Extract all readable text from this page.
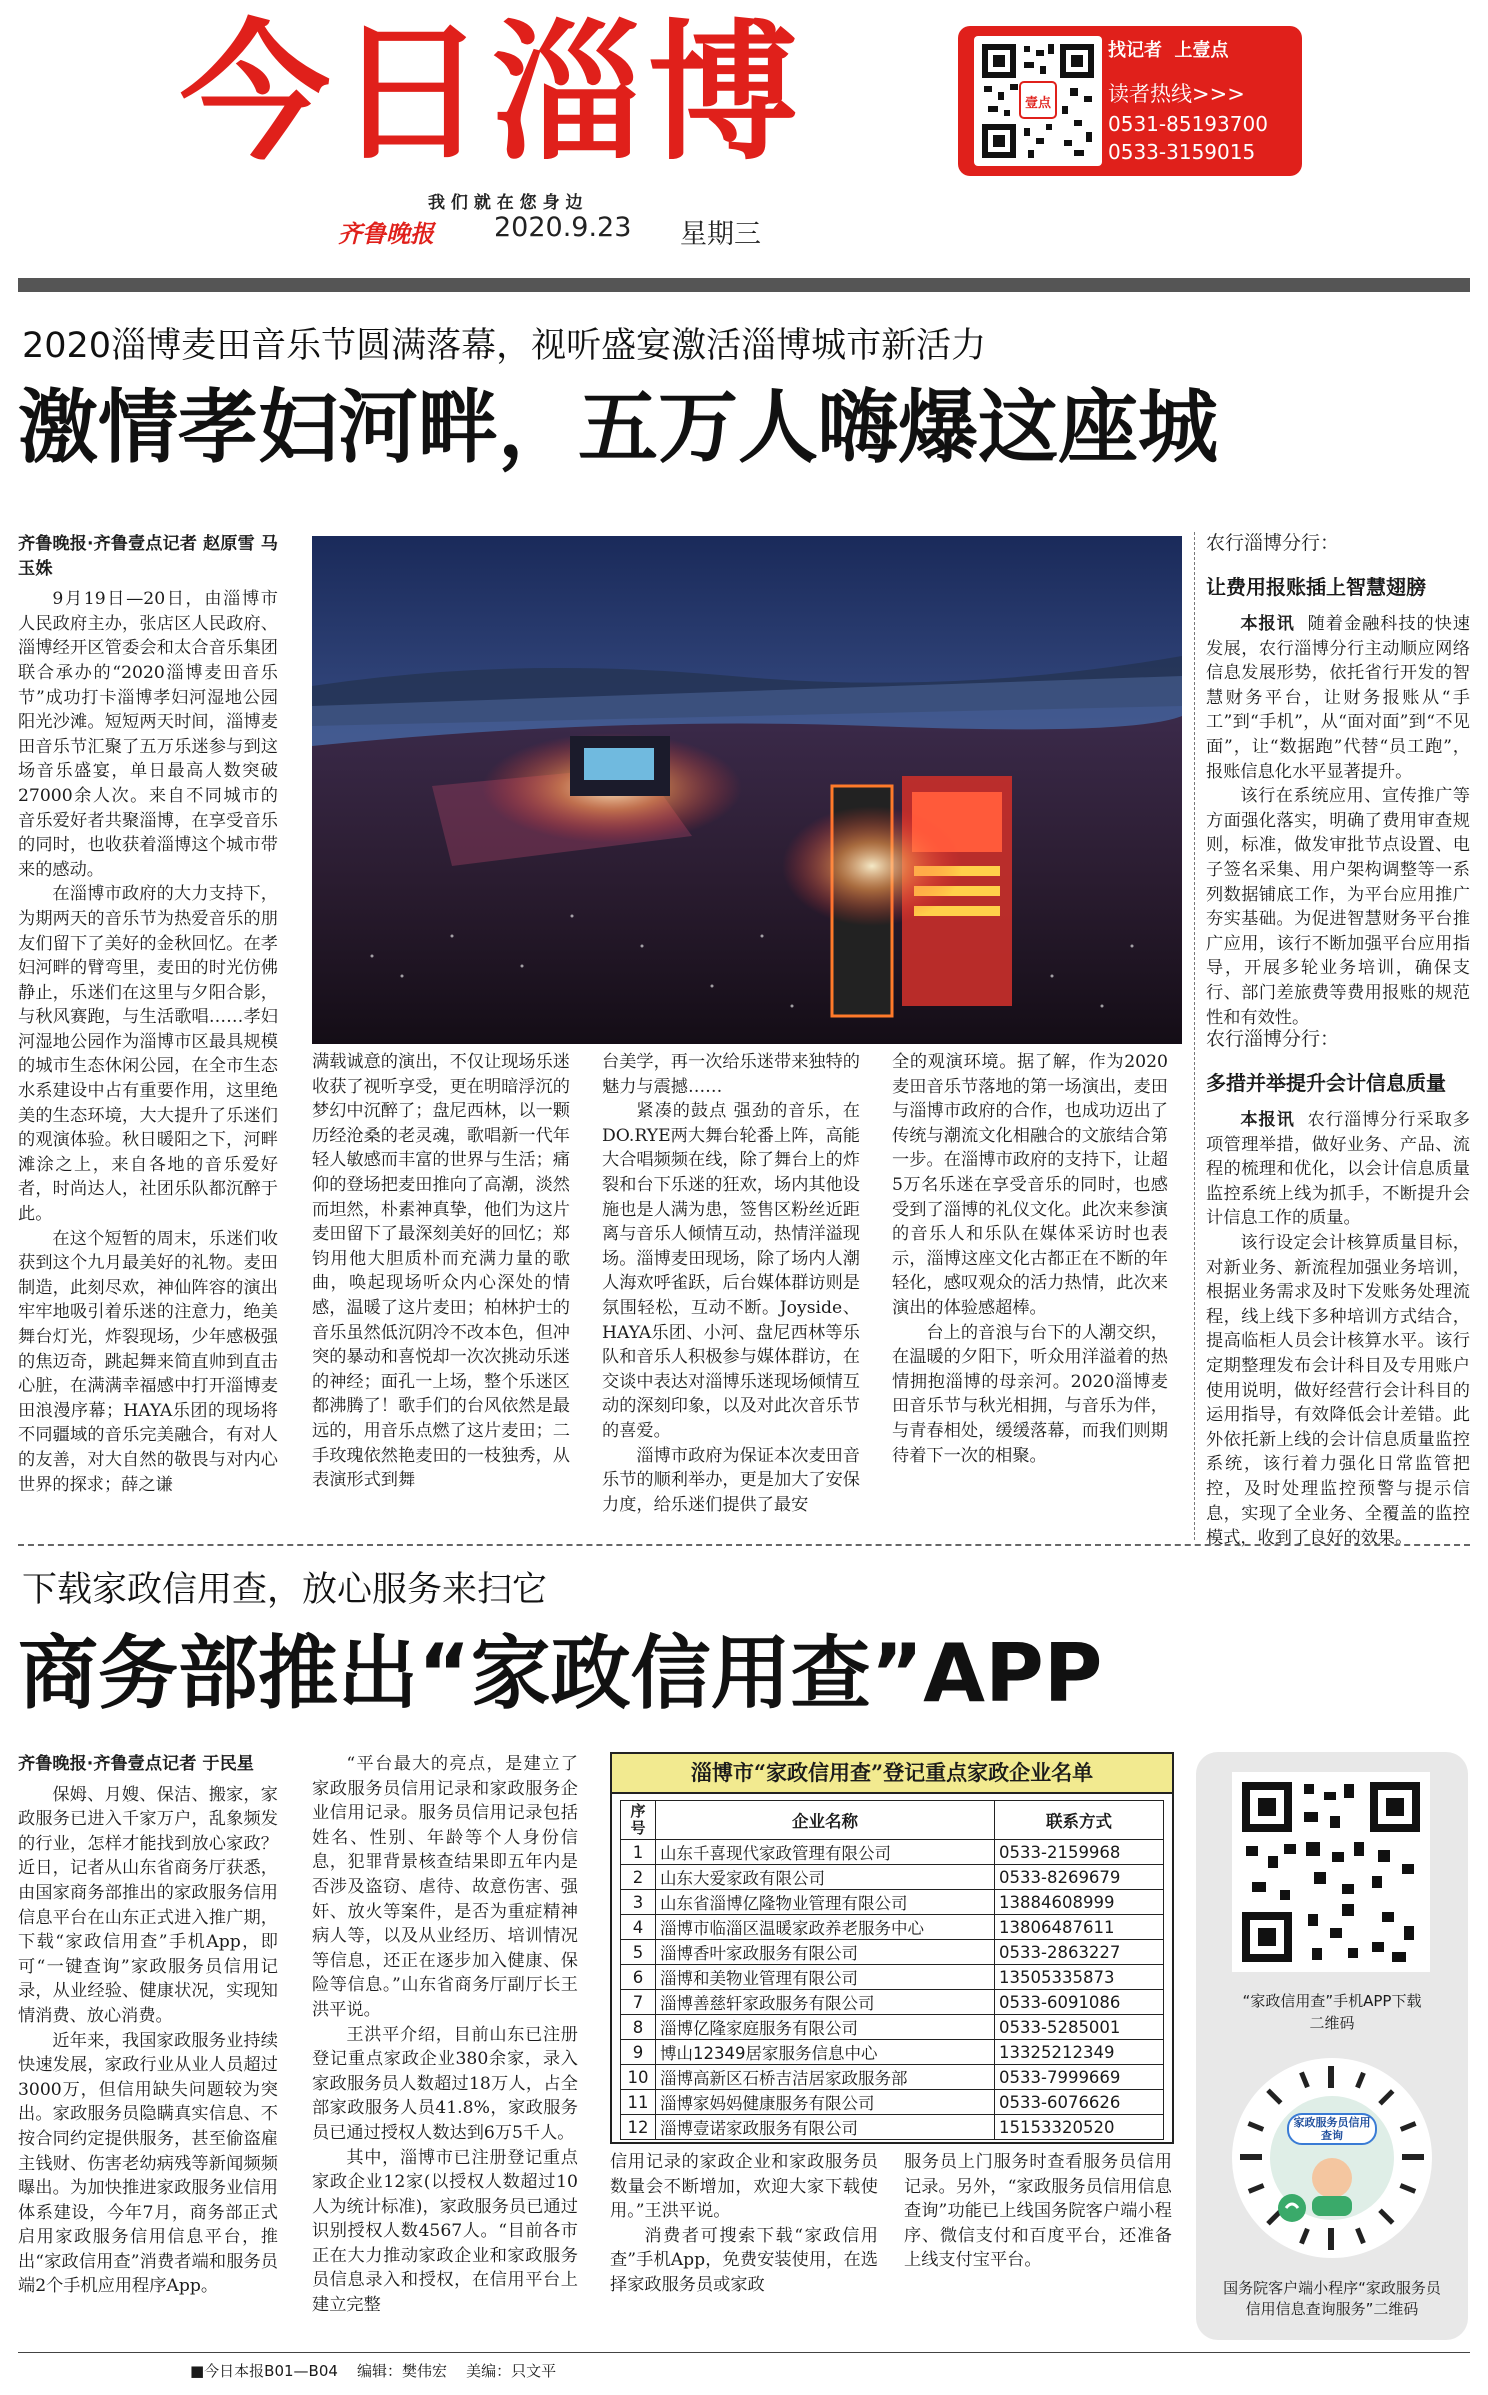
今日淄博
我 们 就 在 您 身 边
齐鲁晚报 2020.9.23 星期三
壹点
找记者  上壹点
读者热线>>>
0531-85193700
0533-3159015
2020淄博麦田音乐节圆满落幕，视听盛宴激活淄博城市新活力
激情孝妇河畔，五万人嗨爆这座城

齐鲁晚报·齐鲁壹点记者 赵原雪 马玉姝

9月19日—20日，由淄博市人民政府主办，张店区人民政府、淄博经开区管委会和太合音乐集团联合承办的“2020淄博麦田音乐节”成功打卡淄博孝妇河湿地公园阳光沙滩。短短两天时间，淄博麦田音乐节汇聚了五万乐迷参与到这场音乐盛宴，单日最高人数突破27000余人次。来自不同城市的音乐爱好者共聚淄博，在享受音乐的同时，也收获着淄博这个城市带来的感动。

在淄博市政府的大力支持下，为期两天的音乐节为热爱音乐的朋友们留下了美好的金秋回忆。在孝妇河畔的臂弯里，麦田的时光仿佛静止，乐迷们在这里与夕阳合影，与秋风赛跑，与生活歌唱……孝妇河湿地公园作为淄博市区最具规模的城市生态休闲公园，在全市生态水系建设中占有重要作用，这里绝美的生态环境，大大提升了乐迷们的观演体验。秋日暖阳之下，河畔滩涂之上，来自各地的音乐爱好者，时尚达人，社团乐队都沉醉于此。

在这个短暂的周末，乐迷们收获到这个九月最美好的礼物。麦田制造，此刻尽欢，神仙阵容的演出牢牢地吸引着乐迷的注意力，绝美舞台灯光，炸裂现场，少年感极强的焦迈奇，跳起舞来简直帅到直击心脏，在满满幸福感中打开淄博麦田浪漫序幕；HAYA乐团的现场将不同疆域的音乐完美融合，有对人的友善，对大自然的敬畏与对内心世界的探求；薛之谦

满载诚意的演出，不仅让现场乐迷收获了视听享受，更在明暗浮沉的梦幻中沉醉了；盘尼西林，以一颗历经沧桑的老灵魂，歌唱新一代年轻人敏感而丰富的世界与生活；痛仰的登场把麦田推向了高潮，淡然而坦然，朴素神真挚，他们为这片麦田留下了最深刻美好的回忆；郑钧用他大胆质朴而充满力量的歌曲，唤起现场听众内心深处的情感，温暖了这片麦田；柏林护士的音乐虽然低沉阴冷不改本色，但冲突的暴动和喜悦却一次次挑动乐迷的神经；面孔一上场，整个乐迷区都沸腾了！歌手们的台风依然是最远的，用音乐点燃了这片麦田；二手玫瑰依然艳麦田的一枝独秀，从表演形式到舞

台美学，再一次给乐迷带来独特的魅力与震撼……

紧凑的鼓点 强劲的音乐，在DO.RYE两大舞台轮番上阵，高能大合唱频频在线，除了舞台上的炸裂和台下乐迷的狂欢，场内其他设施也是人满为患，签售区粉丝近距离与音乐人倾情互动，热情洋溢现场。淄博麦田现场，除了场内人潮人海欢呼雀跃，后台媒体群访则是氛围轻松，互动不断。Joyside、HAYA乐团、小河、盘尼西林等乐队和音乐人积极参与媒体群访，在交谈中表达对淄博乐迷现场倾情互动的深刻印象，以及对此次音乐节的喜爱。

淄博市政府为保证本次麦田音乐节的顺利举办，更是加大了安保力度，给乐迷们提供了最安

全的观演环境。据了解，作为2020麦田音乐节落地的第一场演出，麦田与淄博市政府的合作，也成功迈出了传统与潮流文化相融合的文旅结合第一步。在淄博市政府的支持下，让超5万名乐迷在享受音乐的同时，也感受到了淄博的礼仪文化。此次来参演的音乐人和乐队在媒体采访时也表示，淄博这座文化古都正在不断的年轻化，感叹观众的活力热情，此次来演出的体验感超棒。

台上的音浪与台下的人潮交织，在温暖的夕阳下，听众用洋溢着的热情拥抱淄博的母亲河。2020淄博麦田音乐节与秋光相拥，与音乐为伴，与青春相处，缓缓落幕，而我们则期待着下一次的相聚。

农行淄博分行：
让费用报账插上智慧翅膀

本报讯 随着金融科技的快速发展，农行淄博分行主动顺应网络信息发展形势，依托省行开发的智慧财务平台，让财务报账从“手工”到“手机”，从“面对面”到“不见面”，让“数据跑”代替“员工跑”，报账信息化水平显著提升。

该行在系统应用、宣传推广等方面强化落实，明确了费用审查规则，标准，做发审批节点设置、电子签名采集、用户架构调整等一系列数据铺底工作，为平台应用推广夯实基础。为促进智慧财务平台推广应用，该行不断加强平台应用指导，开展多轮业务培训，确保支行、部门差旅费等费用报账的规范性和有效性。

农行淄博分行：
多措并举提升会计信息质量

本报讯 农行淄博分行采取多项管理举措，做好业务、产品、流程的梳理和优化，以会计信息质量监控系统上线为抓手，不断提升会计信息工作的质量。

该行设定会计核算质量目标，对新业务、新流程加强业务培训，根据业务需求及时下发账务处理流程，线上线下多种培训方式结合，提高临柜人员会计核算水平。该行定期整理发布会计科目及专用账户使用说明，做好经营行会计科目的运用指导，有效降低会计差错。此外依托新上线的会计信息质量监控系统，该行着力强化日常监管把控，及时处理监控预警与提示信息，实现了全业务、全覆盖的监控模式，收到了良好的效果。

下载家政信用查，放心服务来扫它
商务部推出“家政信用查”APP

齐鲁晚报·齐鲁壹点记者 于民星

保姆、月嫂、保洁、搬家，家政服务已进入千家万户，乱象频发的行业，怎样才能找到放心家政？近日，记者从山东省商务厅获悉，由国家商务部推出的家政服务信用信息平台在山东正式进入推广期，下载“家政信用查”手机App，即可“一键查询”家政服务员信用记录，从业经验、健康状况，实现知情消费、放心消费。

近年来，我国家政服务业持续快速发展，家政行业从业人员超过3000万，但信用缺失问题较为突出。家政服务员隐瞒真实信息、不按合同约定提供服务，甚至偷盗雇主钱财、伤害老幼病残等新闻频频曝出。为加快推进家政服务业信用体系建设，今年7月，商务部正式启用家政服务信用信息平台，推出“家政信用查”消费者端和服务员端2个手机应用程序App。

“平台最大的亮点，是建立了家政服务员信用记录和家政服务企业信用记录。服务员信用记录包括姓名、性别、年龄等个人身份信息，犯罪背景核查结果即五年内是否涉及盗窃、虐待、故意伤害、强奸、放火等案件，是否为重症精神病人等，以及从业经历、培训情况等信息，还正在逐步加入健康、保险等信息。”山东省商务厅副厅长王洪平说。

王洪平介绍，目前山东已注册登记重点家政企业380余家，录入家政服务员人数超过18万人，占全部家政服务人员41.8%，家政服务员已通过授权人数达到6万5千人。

其中，淄博市已注册登记重点家政企业12家(以授权人数超过10人为统计标准)，家政服务员已通过识别授权人数4567人。“目前各市正在大力推动家政企业和家政服务员信息录入和授权，在信用平台上建立完整

淄博市“家政信用查”登记重点家政企业名单
序号	企业名称	联系方式
1	山东千喜现代家政管理有限公司	0533-2159968
2	山东大爱家政有限公司	0533-8269679
3	山东省淄博亿隆物业管理有限公司	13884608999
4	淄博市临淄区温暖家政养老服务中心	13806487611
5	淄博香叶家政服务有限公司	0533-2863227
6	淄博和美物业管理有限公司	13505335873
7	淄博善慈轩家政服务有限公司	0533-6091086
8	淄博亿隆家庭服务有限公司	0533-5285001
9	博山12349居家服务信息中心	13325212349
10	淄博高新区石桥吉洁居家政服务部	0533-7999669
11	淄博家妈妈健康服务有限公司	0533-6076626
12	淄博壹诺家政服务有限公司	15153320520

信用记录的家政企业和家政服务员数量会不断增加，欢迎大家下载使用。”王洪平说。

消费者可搜索下载“家政信用查”手机App，免费安装使用，在选择家政服务员或家政

服务员上门服务时查看服务员信用记录。另外，“家政服务员信用信息查询”功能已上线国务院客户端小程序、微信支付和百度平台，还准备上线支付宝平台。

“家政信用查”手机APP下载二维码
家政服务员信用查询
国务院客户端小程序“家政服务员信用信息查询服务”二维码
■今日本报B01—B04 编辑：樊伟宏 美编：只文平
